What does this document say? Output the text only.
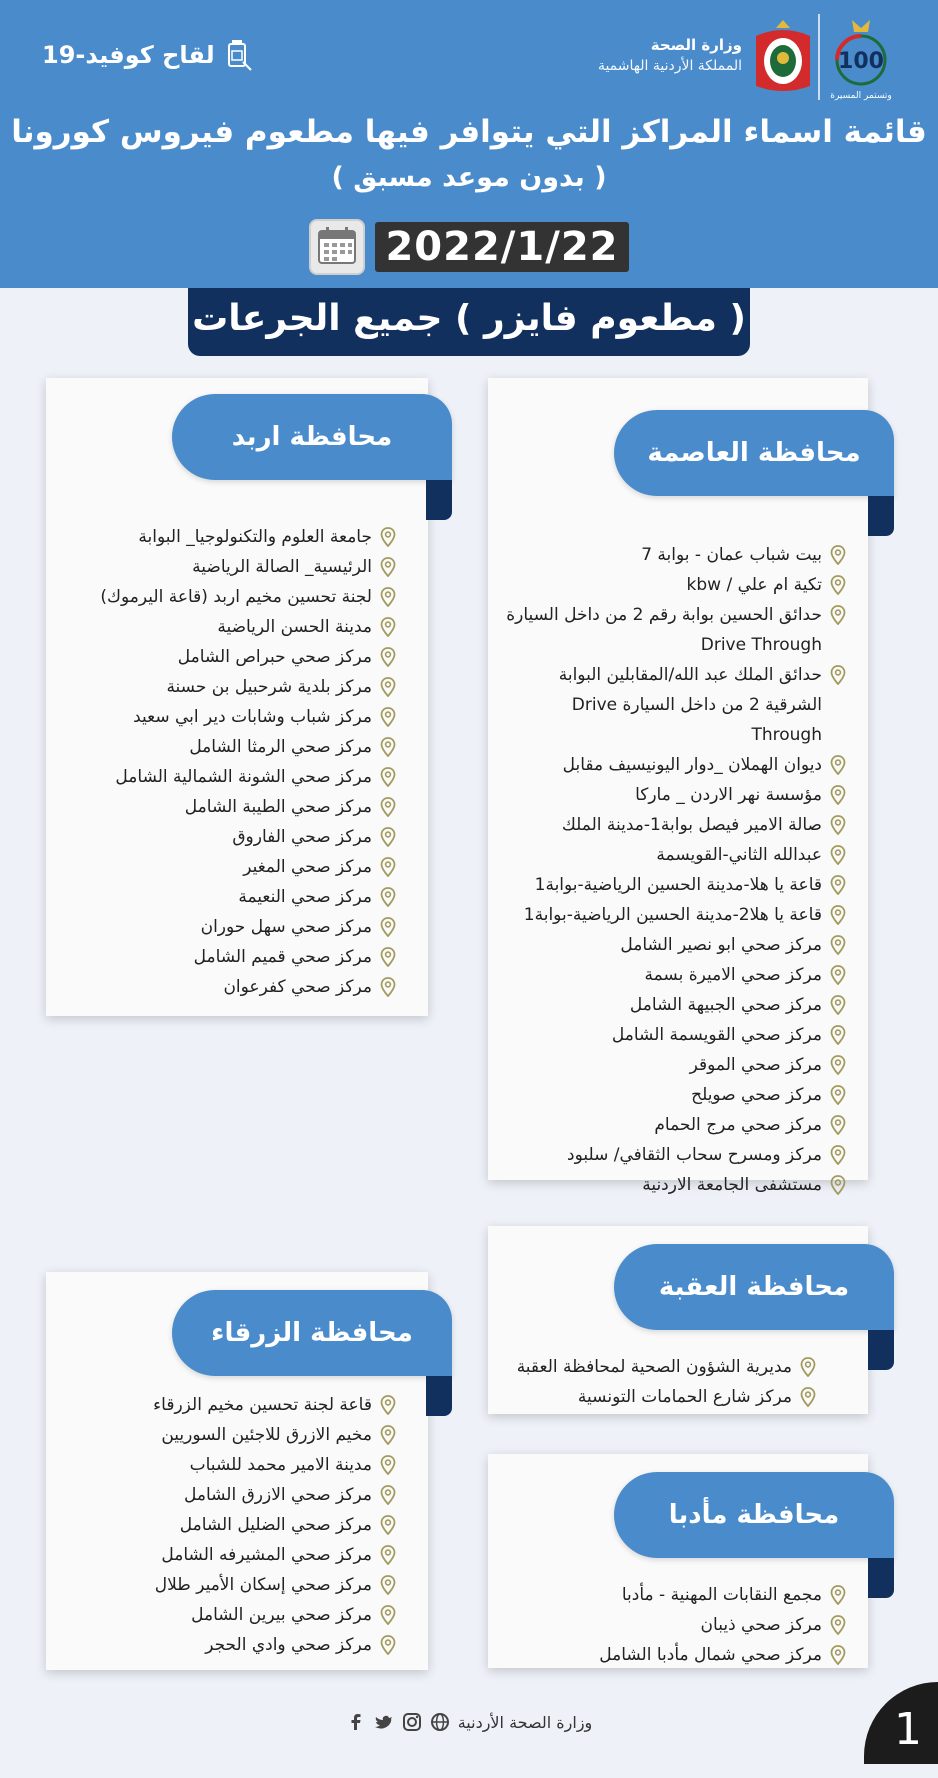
لقاح كوفيد-19	وزارة الصحة
المملكة الأردنية الهاشمية	100
وتستمر المسيرة
قائمة اسماء المراكز التي يتوافر فيها مطعوم فيروس كورونا
( بدون موعد مسبق )
2022/1/22
( مطعوم فايزر ) جميع الجرعات
محافظة العاصمة
بيت شباب عمان - بوابة 7
تكية ام علي / kbw
حدائق الحسين بوابة رقم 2 من داخل السيارة Drive Through
حدائق الملك عبد الله/المقابلين البوابة الشرقية 2 من داخل السيارة Drive Through
ديوان الهملان _دوار اليونيسيف مقابل
مؤسسة نهر الاردن _ ماركا
صالة الامير فيصل بوابة1-مدينة الملك
عبدالله الثاني-القويسمة
قاعة يا هلا-مدينة الحسين الرياضية-بوابة1
قاعة يا هلا2-مدينة الحسين الرياضية-بوابة1
مركز صحي ابو نصير الشامل
مركز صحي الاميرة بسمة
مركز صحي الجبيهة الشامل
مركز صحي القويسمة الشامل
مركز صحي الموقر
مركز صحي صويلح
مركز صحي مرج الحمام
مركز ومسرح سحاب الثقافي/ سلبود
مستشفى الجامعة الاردنية
محافظة اربد
جامعة العلوم والتكنولوجيا_ البوابة
الرئيسية_ الصالة الرياضية
لجنة تحسين مخيم اربد (قاعة اليرموك)
مدينة الحسن الرياضية
مركز صحي حبراص الشامل
مركز بلدية شرحبيل بن حسنة
مركز شباب وشابات دير ابي سعيد
مركز صحي الرمثا الشامل
مركز صحي الشونة الشمالية الشامل
مركز صحي الطيبة الشامل
مركز صحي الفاروق
مركز صحي المغير
مركز صحي النعيمة
مركز صحي سهل حوران
مركز صحي قميم الشامل
مركز صحي كفرعوان
محافظة العقبة
مديرية الشؤون الصحية لمحافظة العقبة
مركز شارع الحمامات التونسية
محافظة الزرقاء
قاعة لجنة تحسين مخيم الزرقاء
مخيم الازرق للاجئين السوريين
مدينة الامير محمد للشباب
مركز صحي الازرق الشامل
مركز صحي الضليل الشامل
مركز صحي المشيرفه الشامل
مركز صحي إسكان الأمير طلال
مركز صحي بيرين الشامل
مركز صحي وادي الحجر
محافظة مأدبا
مجمع النقابات المهنية - مأدبا
مركز صحي ذيبان
مركز صحي شمال مأدبا الشامل
وزارة الصحة الأردنية	1
